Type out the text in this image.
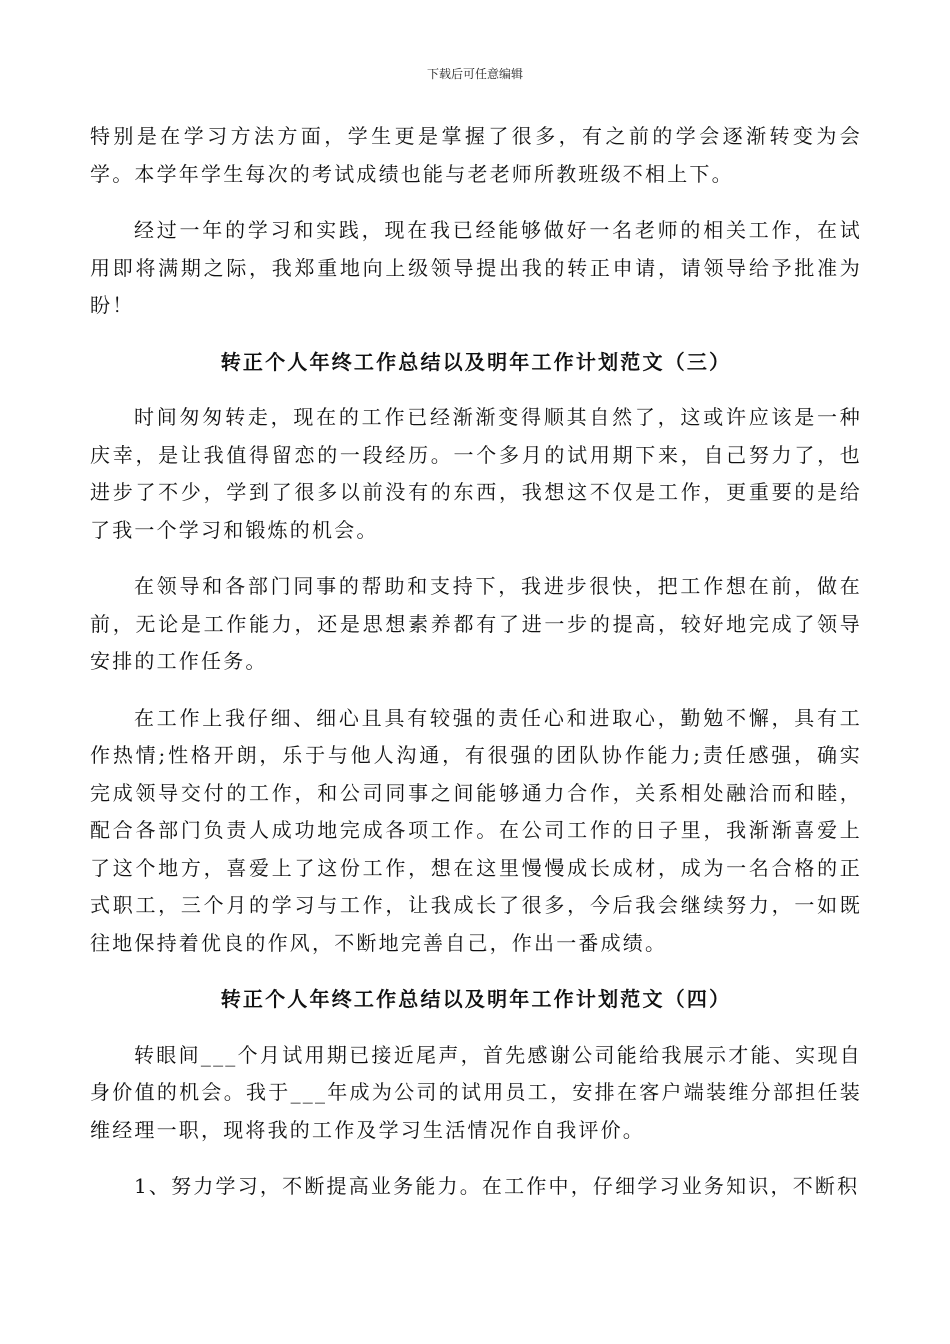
下载后可任意编辑

特别是在学习方法方面，学生更是掌握了很多，有之前的学会逐渐转变为会学。本学年学生每次的考试成绩也能与老老师所教班级不相上下。

经过一年的学习和实践，现在我已经能够做好一名老师的相关工作，在试用即将满期之际，我郑重地向上级领导提出我的转正申请，请领导给予批准为盼！

转正个人年终工作总结以及明年工作计划范文（三）

时间匆匆转走，现在的工作已经渐渐变得顺其自然了，这或许应该是一种庆幸，是让我值得留恋的一段经历。一个多月的试用期下来，自己努力了，也进步了不少，学到了很多以前没有的东西，我想这不仅是工作，更重要的是给了我一个学习和锻炼的机会。

在领导和各部门同事的帮助和支持下，我进步很快，把工作想在前，做在前，无论是工作能力，还是思想素养都有了进一步的提高，较好地完成了领导安排的工作任务。

在工作上我仔细、细心且具有较强的责任心和进取心，勤勉不懈，具有工作热情;性格开朗，乐于与他人沟通，有很强的团队协作能力;责任感强，确实完成领导交付的工作，和公司同事之间能够通力合作，关系相处融洽而和睦，配合各部门负责人成功地完成各项工作。在公司工作的日子里，我渐渐喜爱上了这个地方，喜爱上了这份工作，想在这里慢慢成长成材，成为一名合格的正式职工，三个月的学习与工作，让我成长了很多，今后我会继续努力，一如既往地保持着优良的作风，不断地完善自己，作出一番成绩。

转正个人年终工作总结以及明年工作计划范文（四）

转眼间___个月试用期已接近尾声，首先感谢公司能给我展示才能、实现自身价值的机会。我于___年成为公司的试用员工，安排在客户端装维分部担任装维经理一职，现将我的工作及学习生活情况作自我评价。

1、努力学习，不断提高业务能力。在工作中，仔细学习业务知识，不断积
